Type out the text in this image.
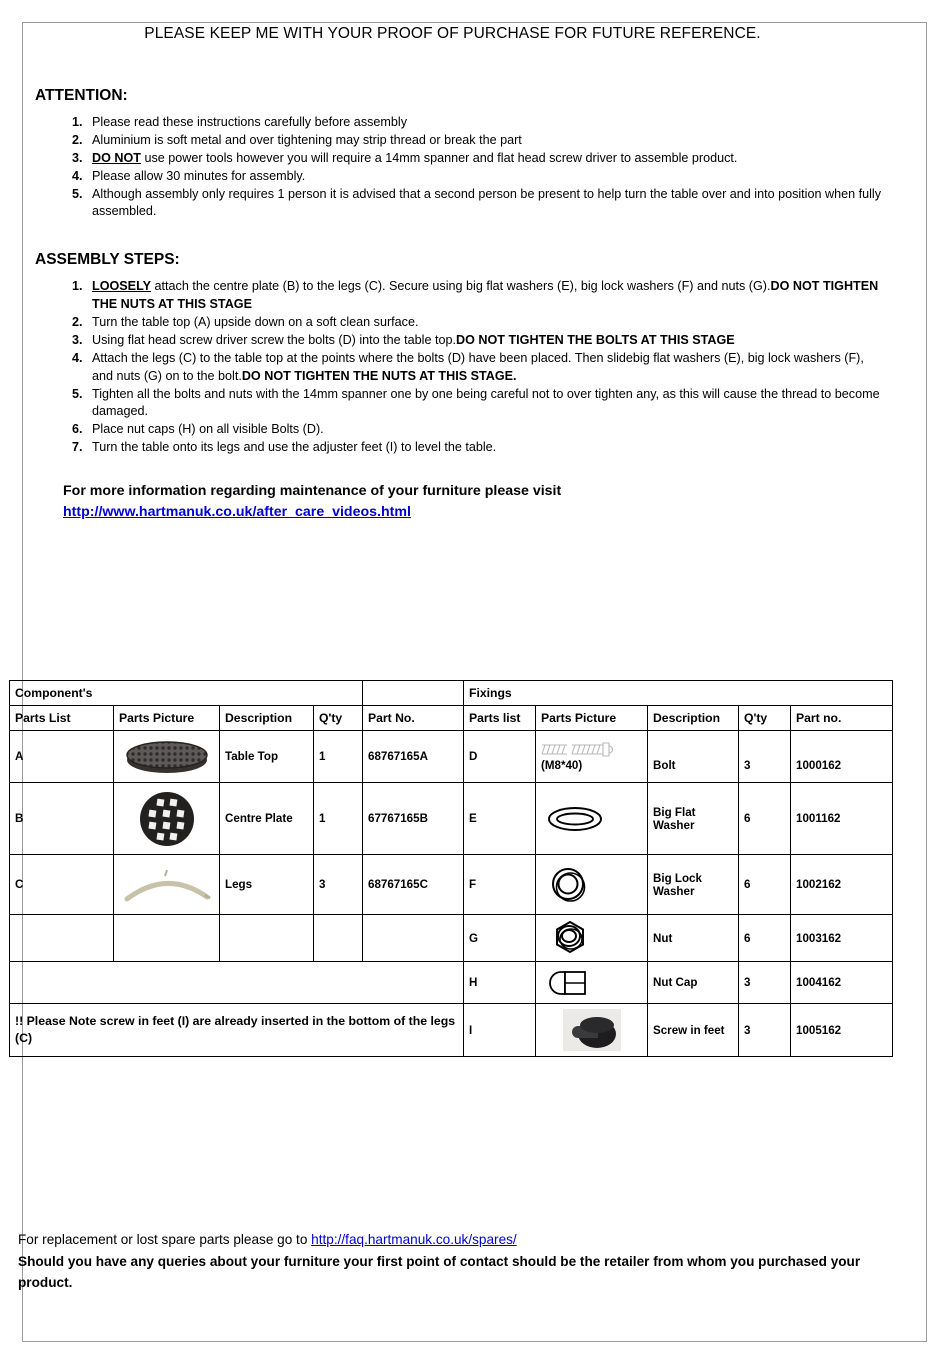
PLEASE KEEP ME WITH YOUR PROOF OF PURCHASE FOR FUTURE REFERENCE.
ATTENTION:
1. Please read these instructions carefully before assembly
2. Aluminium is soft metal and over tightening may strip thread or break the part
3. DO NOT use power tools however you will require a 14mm spanner and flat head screw driver to assemble product.
4. Please allow 30 minutes for assembly.
5. Although assembly only requires 1 person it is advised that a second person be present to help turn the table over and into position when fully assembled.
ASSEMBLY STEPS:
1. LOOSELY attach the centre plate (B) to the legs (C). Secure using big flat washers (E), big lock washers (F) and nuts (G).DO NOT TIGHTEN THE NUTS AT THIS STAGE
2. Turn the table top (A) upside down on a soft clean surface.
3. Using flat head screw driver screw the bolts (D) into the table top.DO NOT TIGHTEN THE BOLTS AT THIS STAGE
4. Attach the legs (C) to the table top at the points where the bolts (D) have been placed. Then slidebig flat washers (E), big lock washers (F), and nuts (G) on to the bolt.DO NOT TIGHTEN THE NUTS AT THIS STAGE.
5. Tighten all the bolts and nuts with the 14mm spanner one by one being careful not to over tighten any, as this will cause the thread to become damaged.
6. Place nut caps (H) on all visible Bolts (D).
7. Turn the table onto its legs and use the adjuster feet (I) to level the table.
For more information regarding maintenance of your furniture please visit
http://www.hartmanuk.co.uk/after_care_videos.html
Component's					Fixings				
Parts List	Parts Picture	Description	Q'ty	Part No.	Parts list	Parts Picture	Description	Q'ty	Part no.
A		Table Top	1	68767165A	D	(M8*40)	Bolt	3	1000162
B		Centre Plate	1	67767165B	E		Big Flat Washer	6	1001162
C		Legs	3	68767165C	F		Big Lock Washer	6	1002162
					G		Nut	6	1003162
					H		Nut Cap	3	1004162
!! Please Note screw in feet (I) are already inserted in the bottom of the legs (C)					I		Screw in feet	3	1005162
For replacement or lost spare parts please go to http://faq.hartmanuk.co.uk/spares/
Should you have any queries about your furniture your first point of contact should be the retailer from whom you purchased your product.
